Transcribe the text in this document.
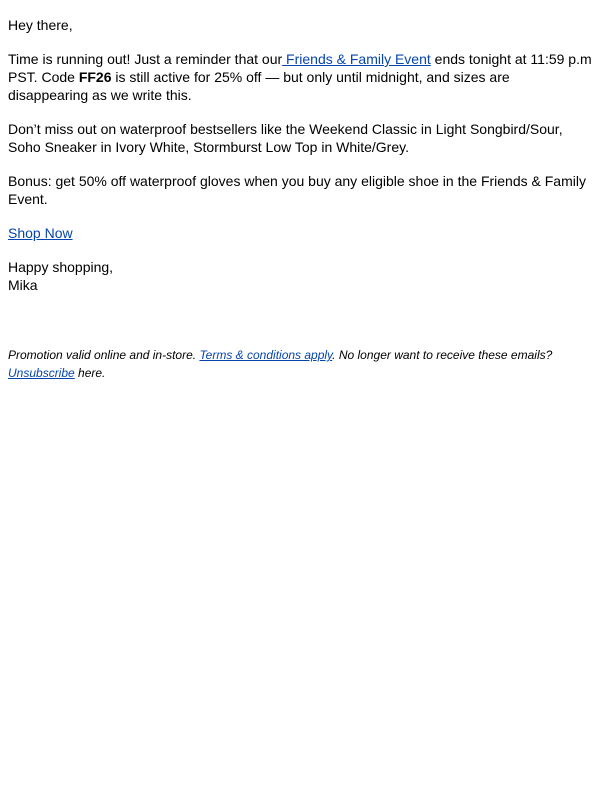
Hey there,

Time is running out! Just a reminder that our Friends & Family Event ends tonight at 11:59 p.m PST. Code FF26 is still active for 25% off — but only until midnight, and sizes are disappearing as we write this.

Don’t miss out on waterproof bestsellers like the Weekend Classic in Light Songbird/Sour, Soho Sneaker in Ivory White, Stormburst Low Top in White/Grey.

Bonus: get 50% off waterproof gloves when you buy any eligible shoe in the Friends & Family Event.

Shop Now

Happy shopping,
Mika

Promotion valid online and in-store. Terms & conditions apply. No longer want to receive these emails? Unsubscribe here.
